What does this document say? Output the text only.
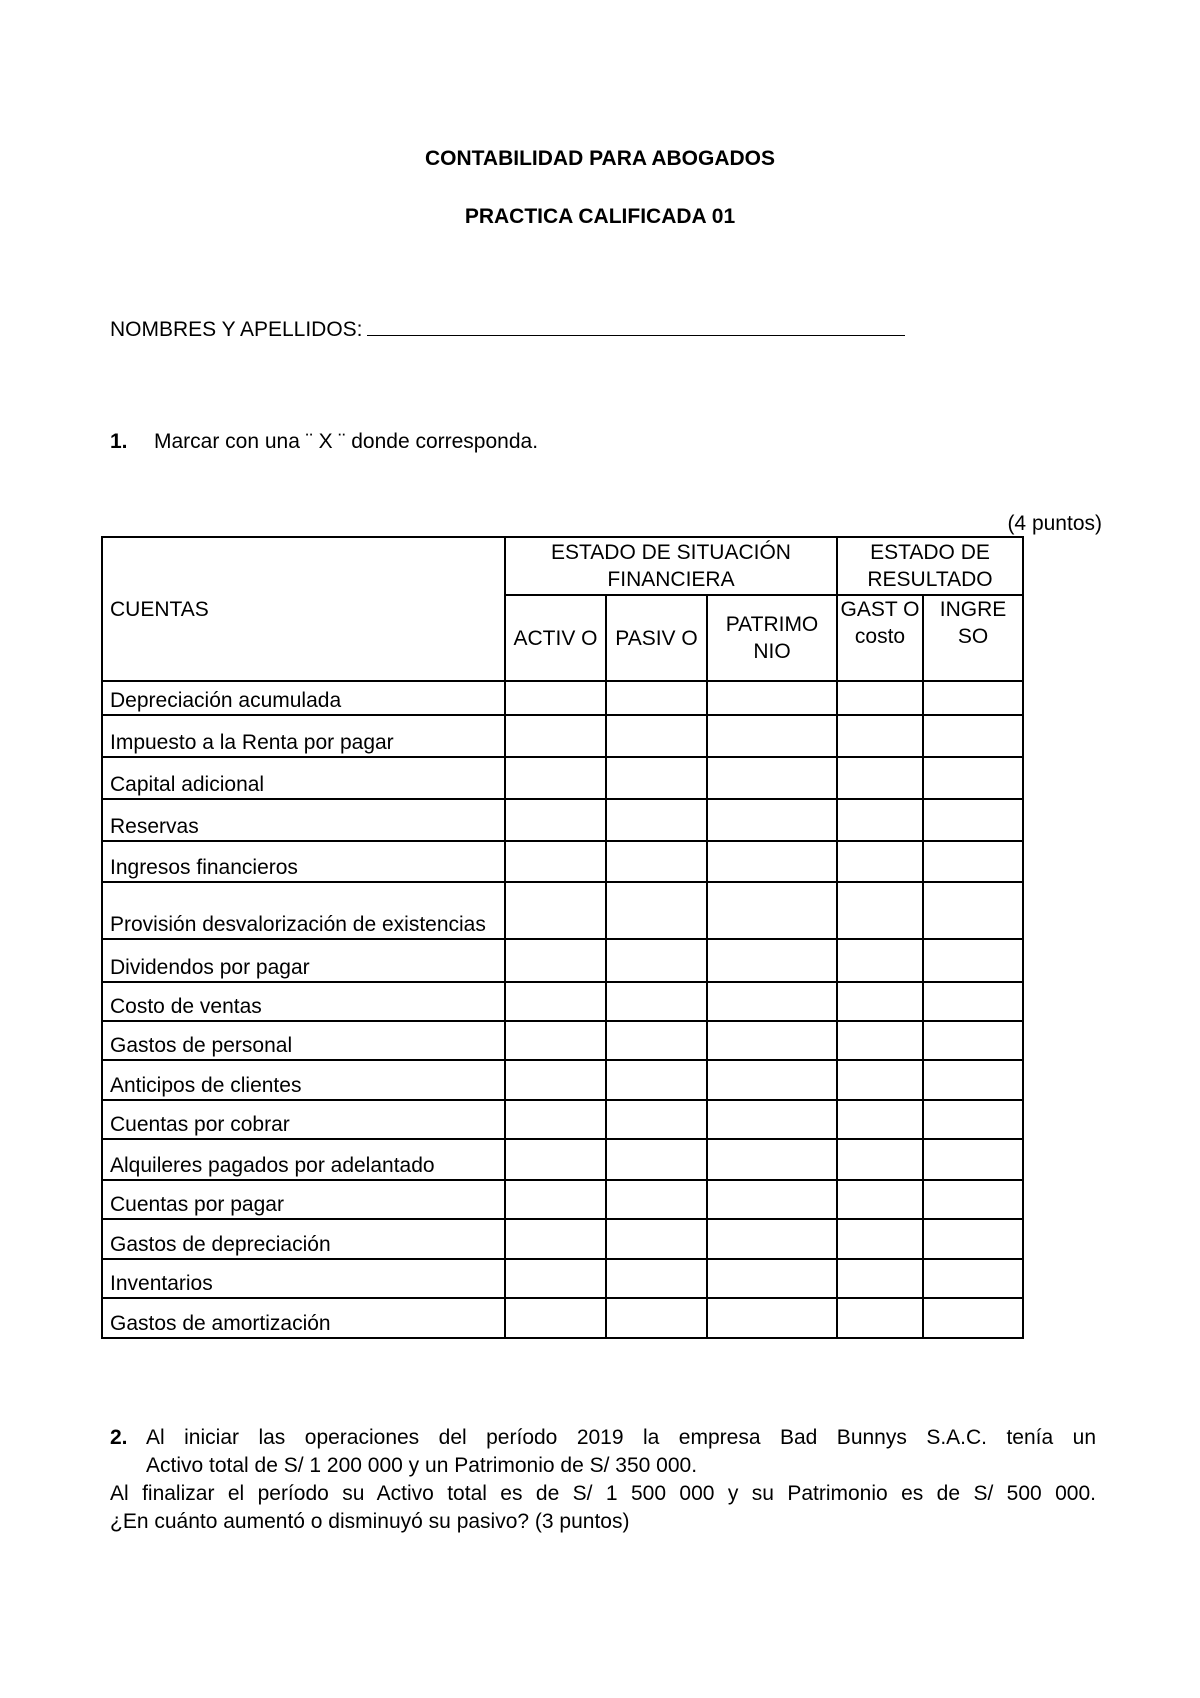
CONTABILIDAD PARA ABOGADOS
PRACTICA CALIFICADA 01
NOMBRES Y APELLIDOS:
1. Marcar con una ¨ X ¨ donde corresponda.
(4 puntos)
CUENTAS	ESTADO DE SITUACIÓN FINANCIERA			ESTADO DE RESULTADO	
	ACTIV O	PASIV O	PATRIMO NIO	GAST O costo	INGRE SO
Depreciación acumulada					
Impuesto a la Renta por pagar					
Capital adicional					
Reservas					
Ingresos financieros					
Provisión desvalorización de existencias					
Dividendos por pagar					
Costo de ventas					
Gastos de personal					
Anticipos de clientes					
Cuentas por cobrar					
Alquileres pagados por adelantado					
Cuentas por pagar					
Gastos de depreciación					
Inventarios					
Gastos de amortización					
2. Al iniciar las operaciones del período 2019 la empresa Bad Bunnys S.A.C. tenía un
Activo total de S/ 1 200 000 y un Patrimonio de S/ 350 000.
Al finalizar el período su Activo total es de S/ 1 500 000 y su Patrimonio es de S/ 500 000.
¿En cuánto aumentó o disminuyó su pasivo? (3 puntos)
